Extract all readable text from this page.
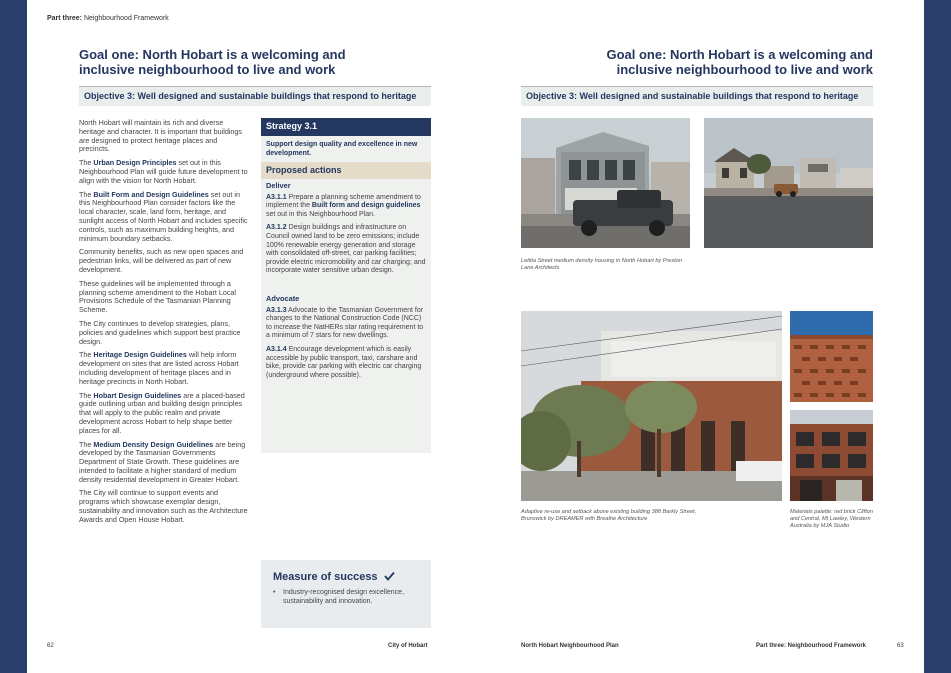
Part three: Neighbourhood Framework
Goal one: North Hobart is a welcoming and
inclusive neighbourhood to live and work
Objective 3: Well designed and sustainable buildings that respond to heritage

North Hobart will maintain its rich and diverse heritage and character. It is important that buildings are designed to protect heritage places and precincts.

The Urban Design Principles set out in this Neighbourhood Plan will guide future development to align with the vision for North Hobart.

The Built Form and Design Guidelines set out in this Neighbourhood Plan consider factors like the local character, scale, land form, heritage, and sunlight access of North Hobart and includes specific controls, such as maximum building heights, and minimum boundary setbacks.

Community benefits, such as new open spaces and pedestrian links, will be delivered as part of new development.

These guidelines will be implemented through a planning scheme amendment to the Hobart Local Provisions Schedule of the Tasmanian Planning Scheme.

The City continues to develop strategies, plans, policies and guidelines which support best practice design.

The Heritage Design Guidelines will help inform development on sites that are listed across Hobart including development of heritage places and in heritage precincts in North Hobart.

The Hobart Design Guidelines are a placed-based guide outlining urban and building design principles that will apply to the public realm and private development across Hobart to help shape better places for all.

The Medium Density Design Guidelines are being developed by the Tasmanian Governments Department of State Growth. These guidelines are intended to facilitate a higher standard of medium density residential development in Greater Hobart.

The City will continue to support events and programs which showcase exemplar design, sustainability and innovation such as the Architecture Awards and Open House Hobart.

Strategy 3.1
Support design quality and excellence in new development.
Proposed actions
Deliver

A3.1.1 Prepare a planning scheme amendment to implement the Built form and design guidelines set out in this Neighbourhood Plan.

A3.1.2 Design buildings and infrastructure on Council owned land to be zero emissions; include 100% renewable energy generation and storage with consolidated off-street, car parking facilities; provide electric micromobility and car charging; and incorporate water sensitive urban design.

Advocate

A3.1.3 Advocate to the Tasmanian Government for changes to the National Construction Code (NCC) to increase the NatHERs star rating requirement to a minimum of 7 stars for new dwellings.

A3.1.4 Encourage development which is easily accessible by public transport, taxi, carshare and bike, provide car parking with electric car charging (underground where possible).

Measure of success
•	Industry-recognised design excellence, sustainability and innovation.
62	City of Hobart
Goal one: North Hobart is a welcoming and
inclusive neighbourhood to live and work
Objective 3: Well designed and sustainable buildings that respond to heritage
Letitia Street medium density housing in North Hobart by Preston Lane Architects
Adaptive re-use and setback above existing building 388 Barkly Street, Brunswick by DREAMER with Breathe Architecture
Materials palette: red brick Clifton and Central, Mt Lawley, Western Australia by MJA Studio
North Hobart Neighbourhood Plan	Part three: Neighbourhood Framework	63
